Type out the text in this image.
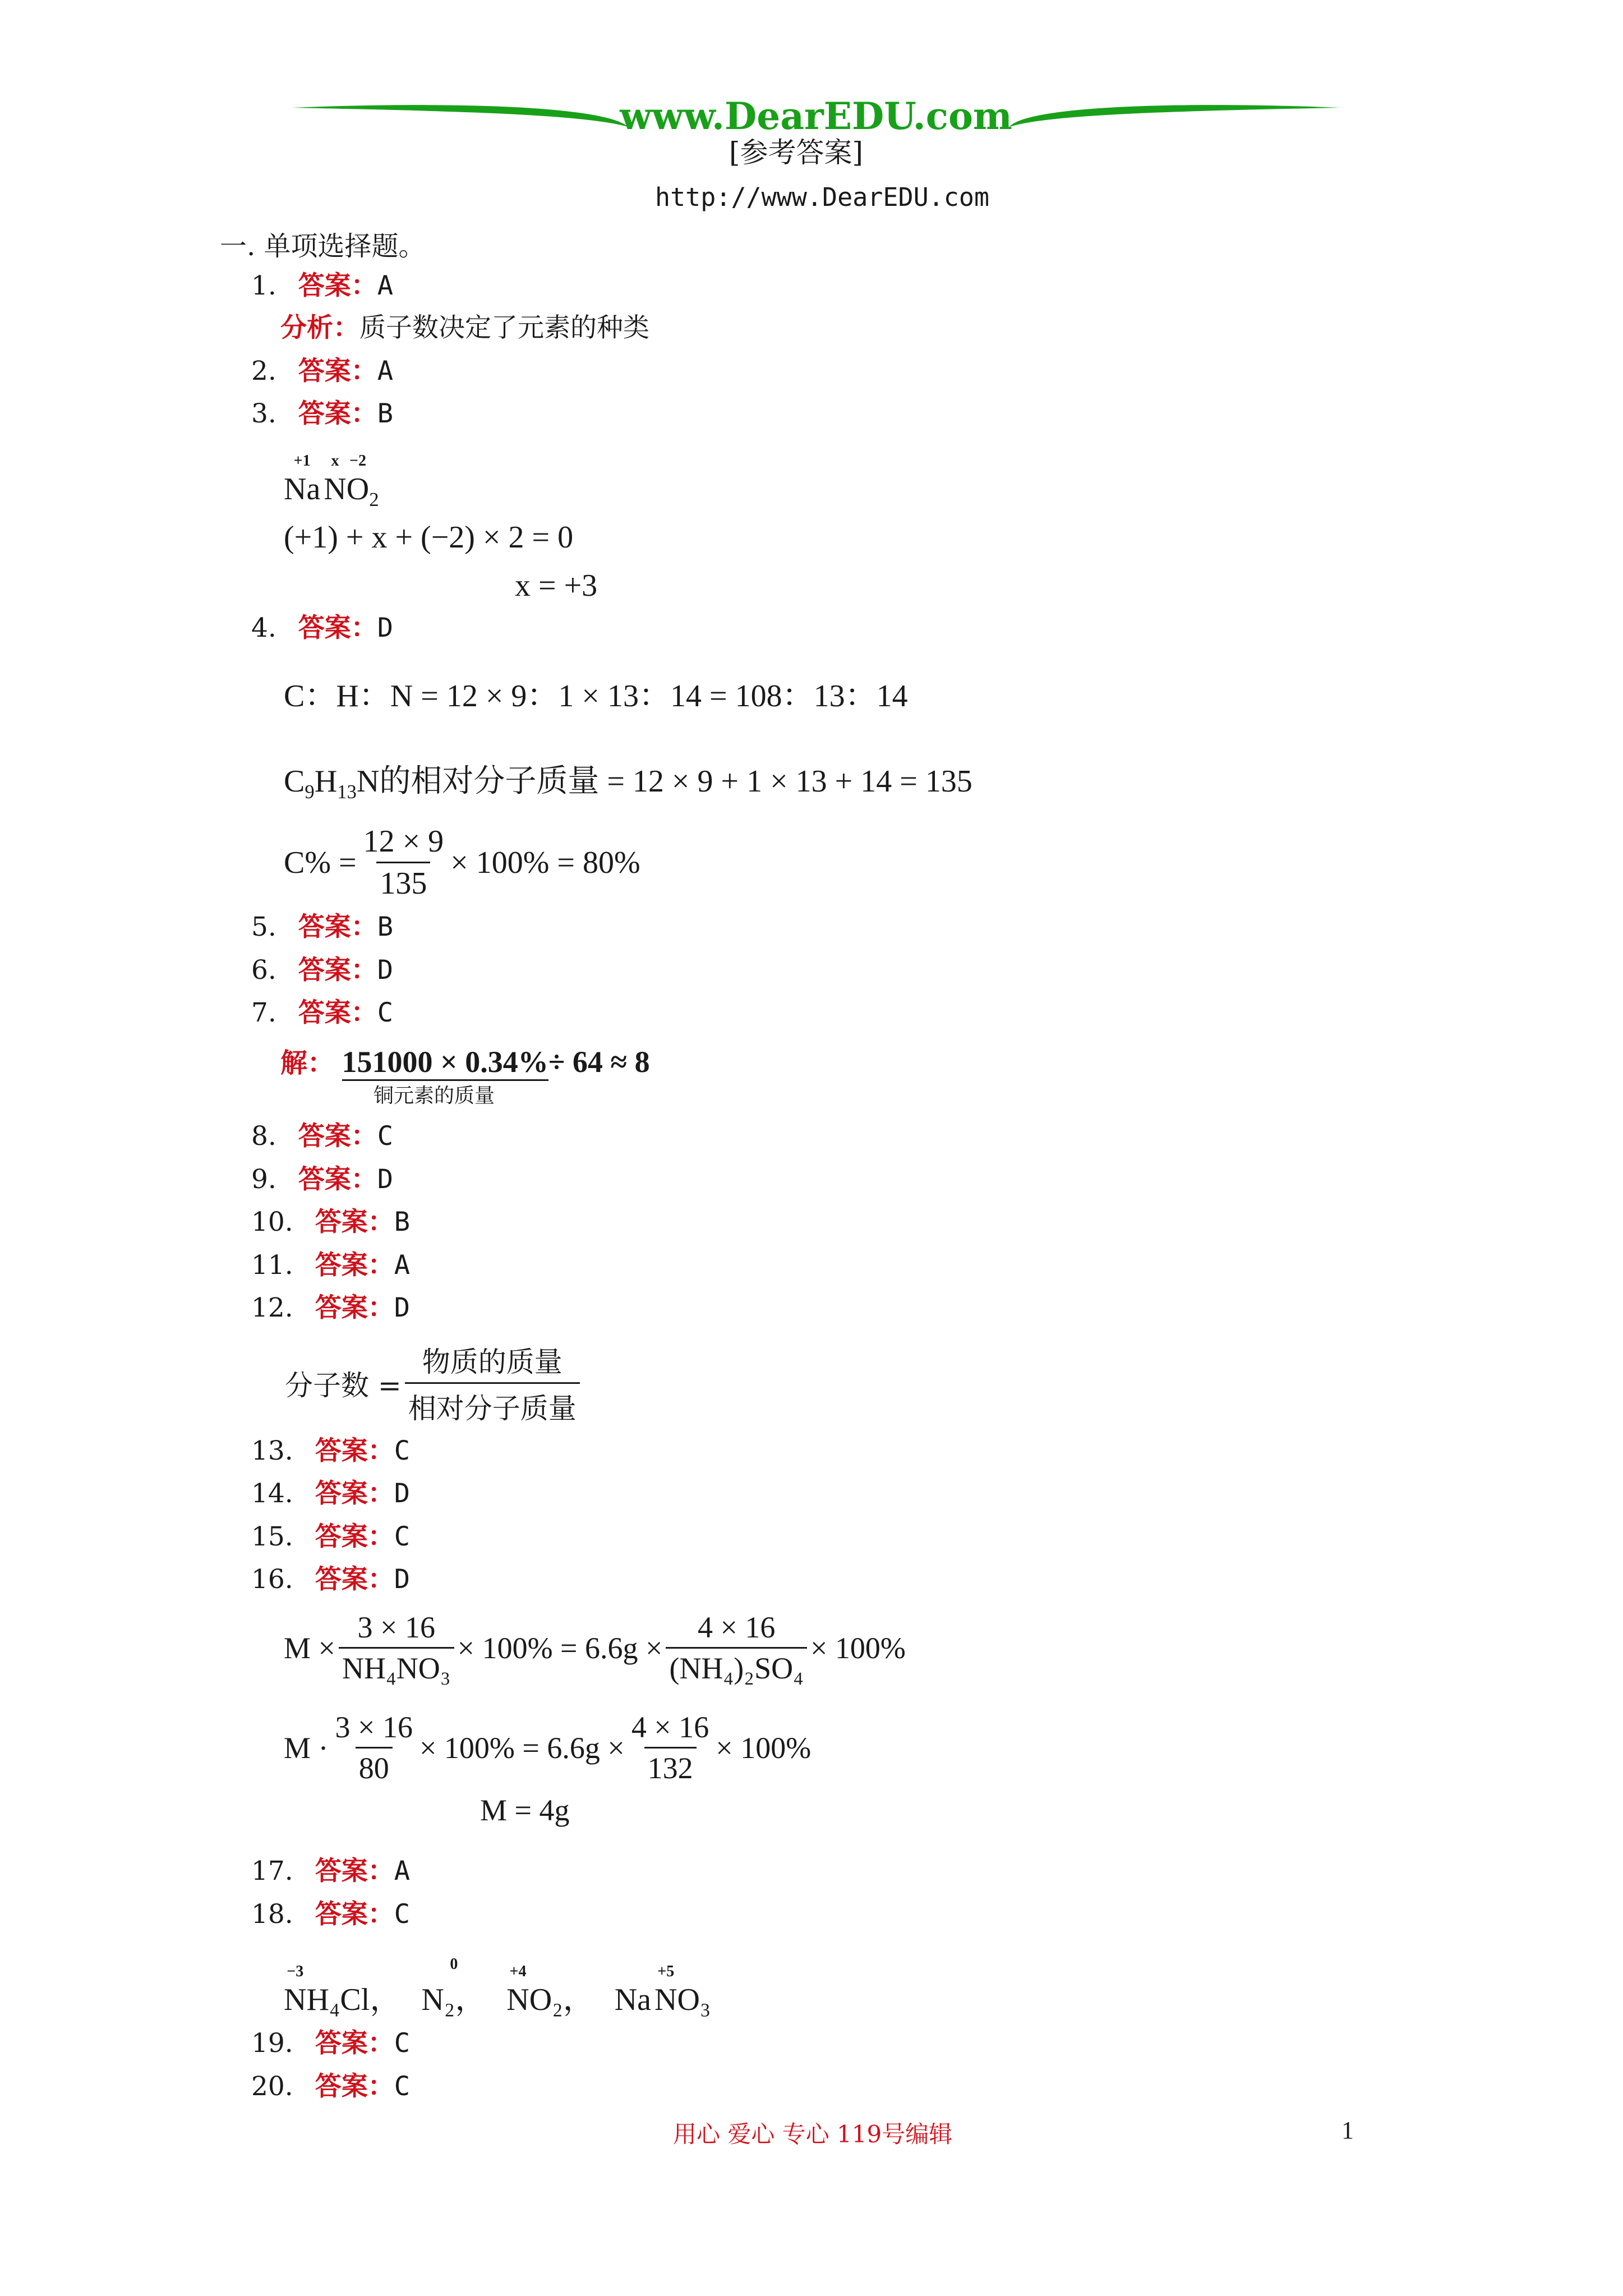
www.DearEDU.com
[参考答案]
http://www.DearEDU.com
一. 单项选择题。
1. 答案：A
分析：质子数决定了元素的种类
2. 答案：A
3. 答案：B
+1
Na
x
N
−2
$O_2$
(+1) + x + (−2) × 2 = 0
x = +3
4. 答案：D
C：H：N = 12 × 9：1 × 13：14 = 108：13：14
$C_9H_{13}N$的相对分子质量 = 12 × 9 + 1 × 13 + 14 = 135
$C\% = \frac{12 \times 9}{135} \times 100\% = 80\%$
5. 答案：B
6. 答案：D
7. 答案：C
解： 151000 × 0.34%÷ 64 ≈ 8
铜元素的质量
8. 答案：C
9. 答案：D
10. 答案：B
11. 答案：A
12. 答案：D
分子数 = $\frac{\text{物质的质量}}{\text{相对分子质量}}$
13. 答案：C
14. 答案：D
15. 答案：C
16. 答案：D
$M \times \frac{3 \times 16}{\text{NH₄NO₃}} \times 100\% = 6.6g \times \frac{4 \times 16}{\text{(NH₄)₂SO₄}} \times 100\%$
$M \cdot \frac{3 \times 16}{80} \times 100\% = 6.6g \times \frac{4 \times 16}{132} \times 100\%$
M = 4g
17. 答案：A
18. 答案：C
−3
NH₄Cl，
0
N₂，
+4
NO₂， Na
+5
NO₃
19. 答案：C
20. 答案：C
用心 爱心 专心 119号编辑	1
